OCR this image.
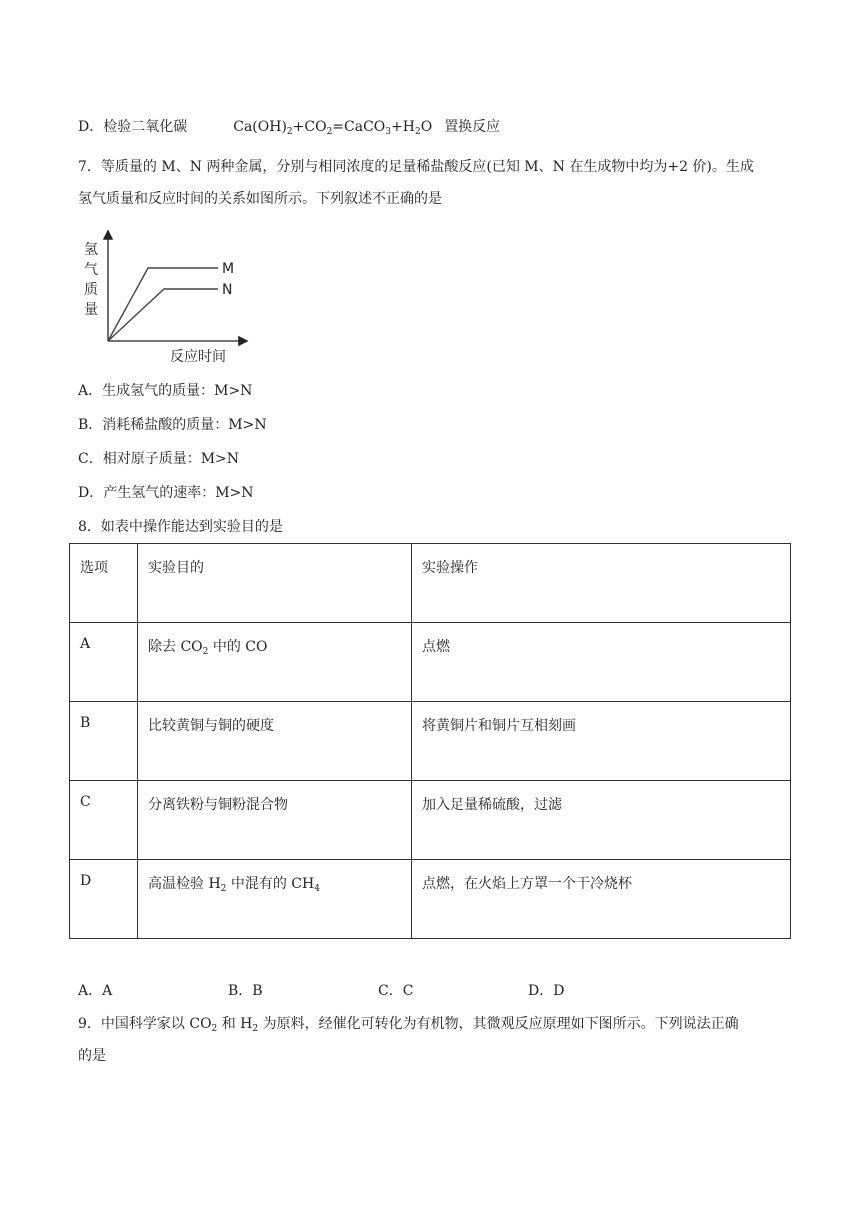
D．检验二氧化碳	$Ca(OH)_2+CO_2=CaCO_3+H_2O$ 置换反应
7．等质量的 M、N 两种金属，分别与相同浓度的足量稀盐酸反应(已知 M、N 在生成物中均为+2 价)。生成
氢气质量和反应时间的关系如图所示。下列叙述不正确的是
M
N
氢
气
质
量
反应时间
A．生成氢气的质量：M>N
B．消耗稀盐酸的质量：M>N
C．相对原子质量：M>N
D．产生氢气的速率：M>N
8．如表中操作能达到实验目的是
选项	实验目的	实验操作
A	除去 $CO_2$ 中的 CO	点燃
B	比较黄铜与铜的硬度	将黄铜片和铜片互相刻画
C	分离铁粉与铜粉混合物	加入足量稀硫酸，过滤
D	高温检验 $H_2$ 中混有的 $CH_4$	点燃，在火焰上方罩一个干冷烧杯
A．A	B．B	C．C	D．D
9．中国科学家以 $CO_2$ 和 $H_2$ 为原料，经催化可转化为有机物，其微观反应原理如下图所示。下列说法正确
的是
